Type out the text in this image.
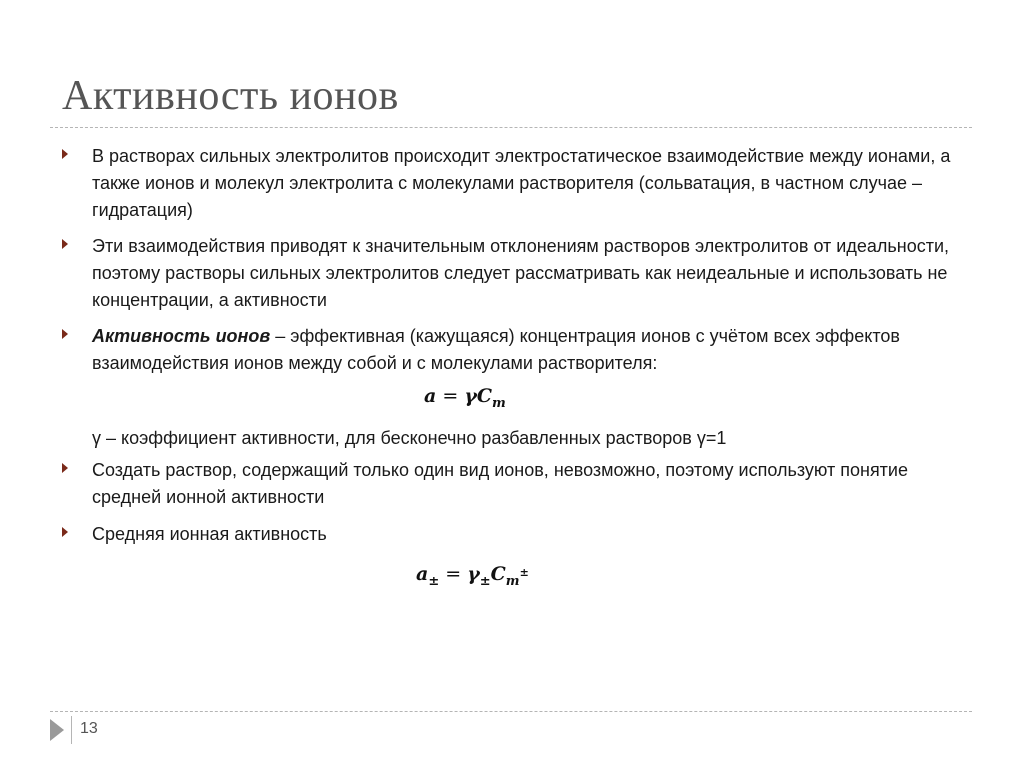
Активность ионов
В растворах сильных электролитов происходит электростатическое взаимодействие между ионами, а также ионов и молекул электролита с молекулами растворителя (сольватация, в частном случае – гидратация)
Эти взаимодействия приводят к значительным отклонениям растворов электролитов от идеальности, поэтому растворы сильных электролитов следует рассматривать как неидеальные и использовать не концентрации, а активности
Активность ионов – эффективная (кажущаяся) концентрация ионов с учётом всех эффектов взаимодействия ионов между собой и с молекулами растворителя:
$a = \gamma C_m$
γ – коэффициент активности, для бесконечно разбавленных растворов γ=1
Создать раствор, содержащий только один вид ионов, невозможно, поэтому используют понятие средней ионной активности
Средняя ионная активность
$a_\pm = \gamma_\pm C_m^\pm$
13
